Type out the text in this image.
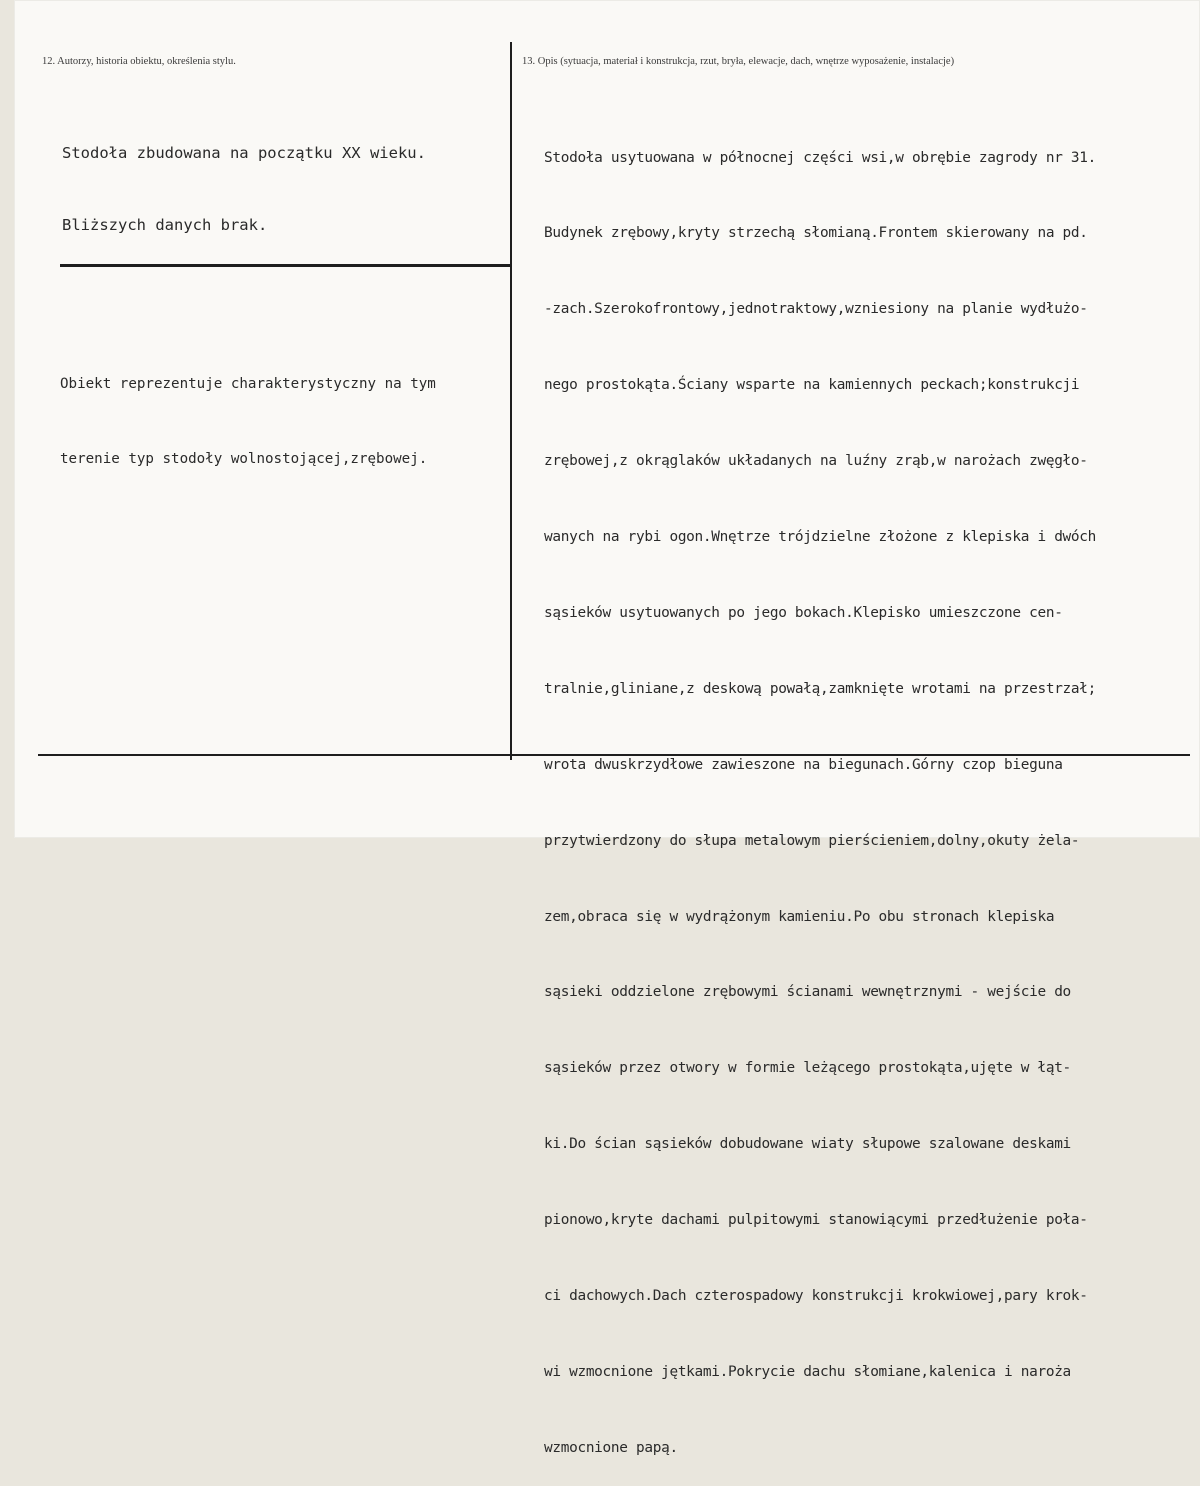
12. Autorzy, historia obiektu, określenia stylu.	13. Opis (sytuacja, materiał i konstrukcja, rzut, bryła, elewacje, dach, wnętrze wyposażenie, instalacje)

Stodoła zbudowana na początku XX wieku.

Bliższych danych brak.

Obiekt reprezentuje charakterystyczny na tym

terenie typ stodoły wolnostojącej,zrębowej.

Stodoła usytuowana w północnej części wsi,w obrębie zagrody nr 31.

Budynek zrębowy,kryty strzechą słomianą.Frontem skierowany na pd.

-zach.Szerokofrontowy,jednotraktowy,wzniesiony na planie wydłużo-

nego prostokąta.Ściany wsparte na kamiennych peckach;konstrukcji

zrębowej,z okrąglaków układanych na luźny zrąb,w narożach zwęgło-

wanych na rybi ogon.Wnętrze trójdzielne złożone z klepiska i dwóch

sąsieków usytuowanych po jego bokach.Klepisko umieszczone cen-

tralnie,gliniane,z deskową powałą,zamknięte wrotami na przestrzał;

wrota dwuskrzydłowe zawieszone na biegunach.Górny czop bieguna

przytwierdzony do słupa metalowym pierścieniem,dolny,okuty żela-

zem,obraca się w wydrążonym kamieniu.Po obu stronach klepiska

sąsieki oddzielone zrębowymi ścianami wewnętrznymi - wejście do

sąsieków przez otwory w formie leżącego prostokąta,ujęte w łąt-

ki.Do ścian sąsieków dobudowane wiaty słupowe szalowane deskami

pionowo,kryte dachami pulpitowymi stanowiącymi przedłużenie poła-

ci dachowych.Dach czterospadowy konstrukcji krokwiowej,pary krok-

wi wzmocnione jętkami.Pokrycie dachu słomiane,kalenica i naroża

wzmocnione papą.
